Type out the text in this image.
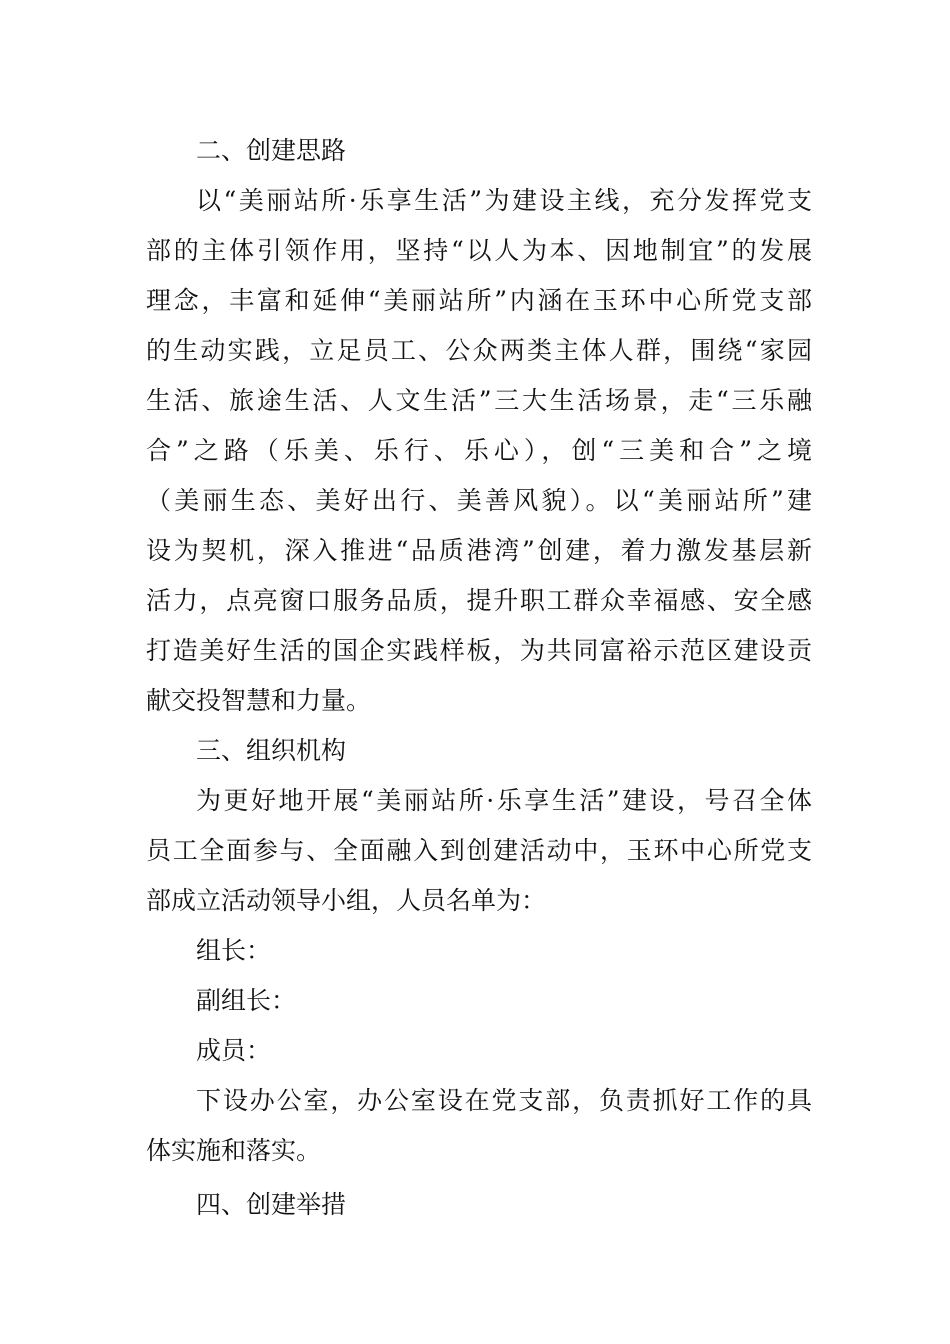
二、创建思路
以“美丽站所·乐享生活”为建设主线，充分发挥党支
部的主体引领作用，坚持“以人为本、因地制宜”的发展
理念，丰富和延伸“美丽站所”内涵在玉环中心所党支部
的生动实践，立足员工、公众两类主体人群，围绕“家园
生活、旅途生活、人文生活”三大生活场景，走“三乐融
合”之路（乐美、乐行、乐心），创“三美和合”之境
（美丽生态、美好出行、美善风貌）。以“美丽站所”建
设为契机，深入推进“品质港湾”创建，着力激发基层新
活力，点亮窗口服务品质，提升职工群众幸福感、安全感
打造美好生活的国企实践样板，为共同富裕示范区建设贡
献交投智慧和力量。
三、组织机构
为更好地开展“美丽站所·乐享生活”建设，号召全体
员工全面参与、全面融入到创建活动中，玉环中心所党支
部成立活动领导小组，人员名单为：
组长：
副组长：
成员：
下设办公室，办公室设在党支部，负责抓好工作的具
体实施和落实。
四、创建举措
